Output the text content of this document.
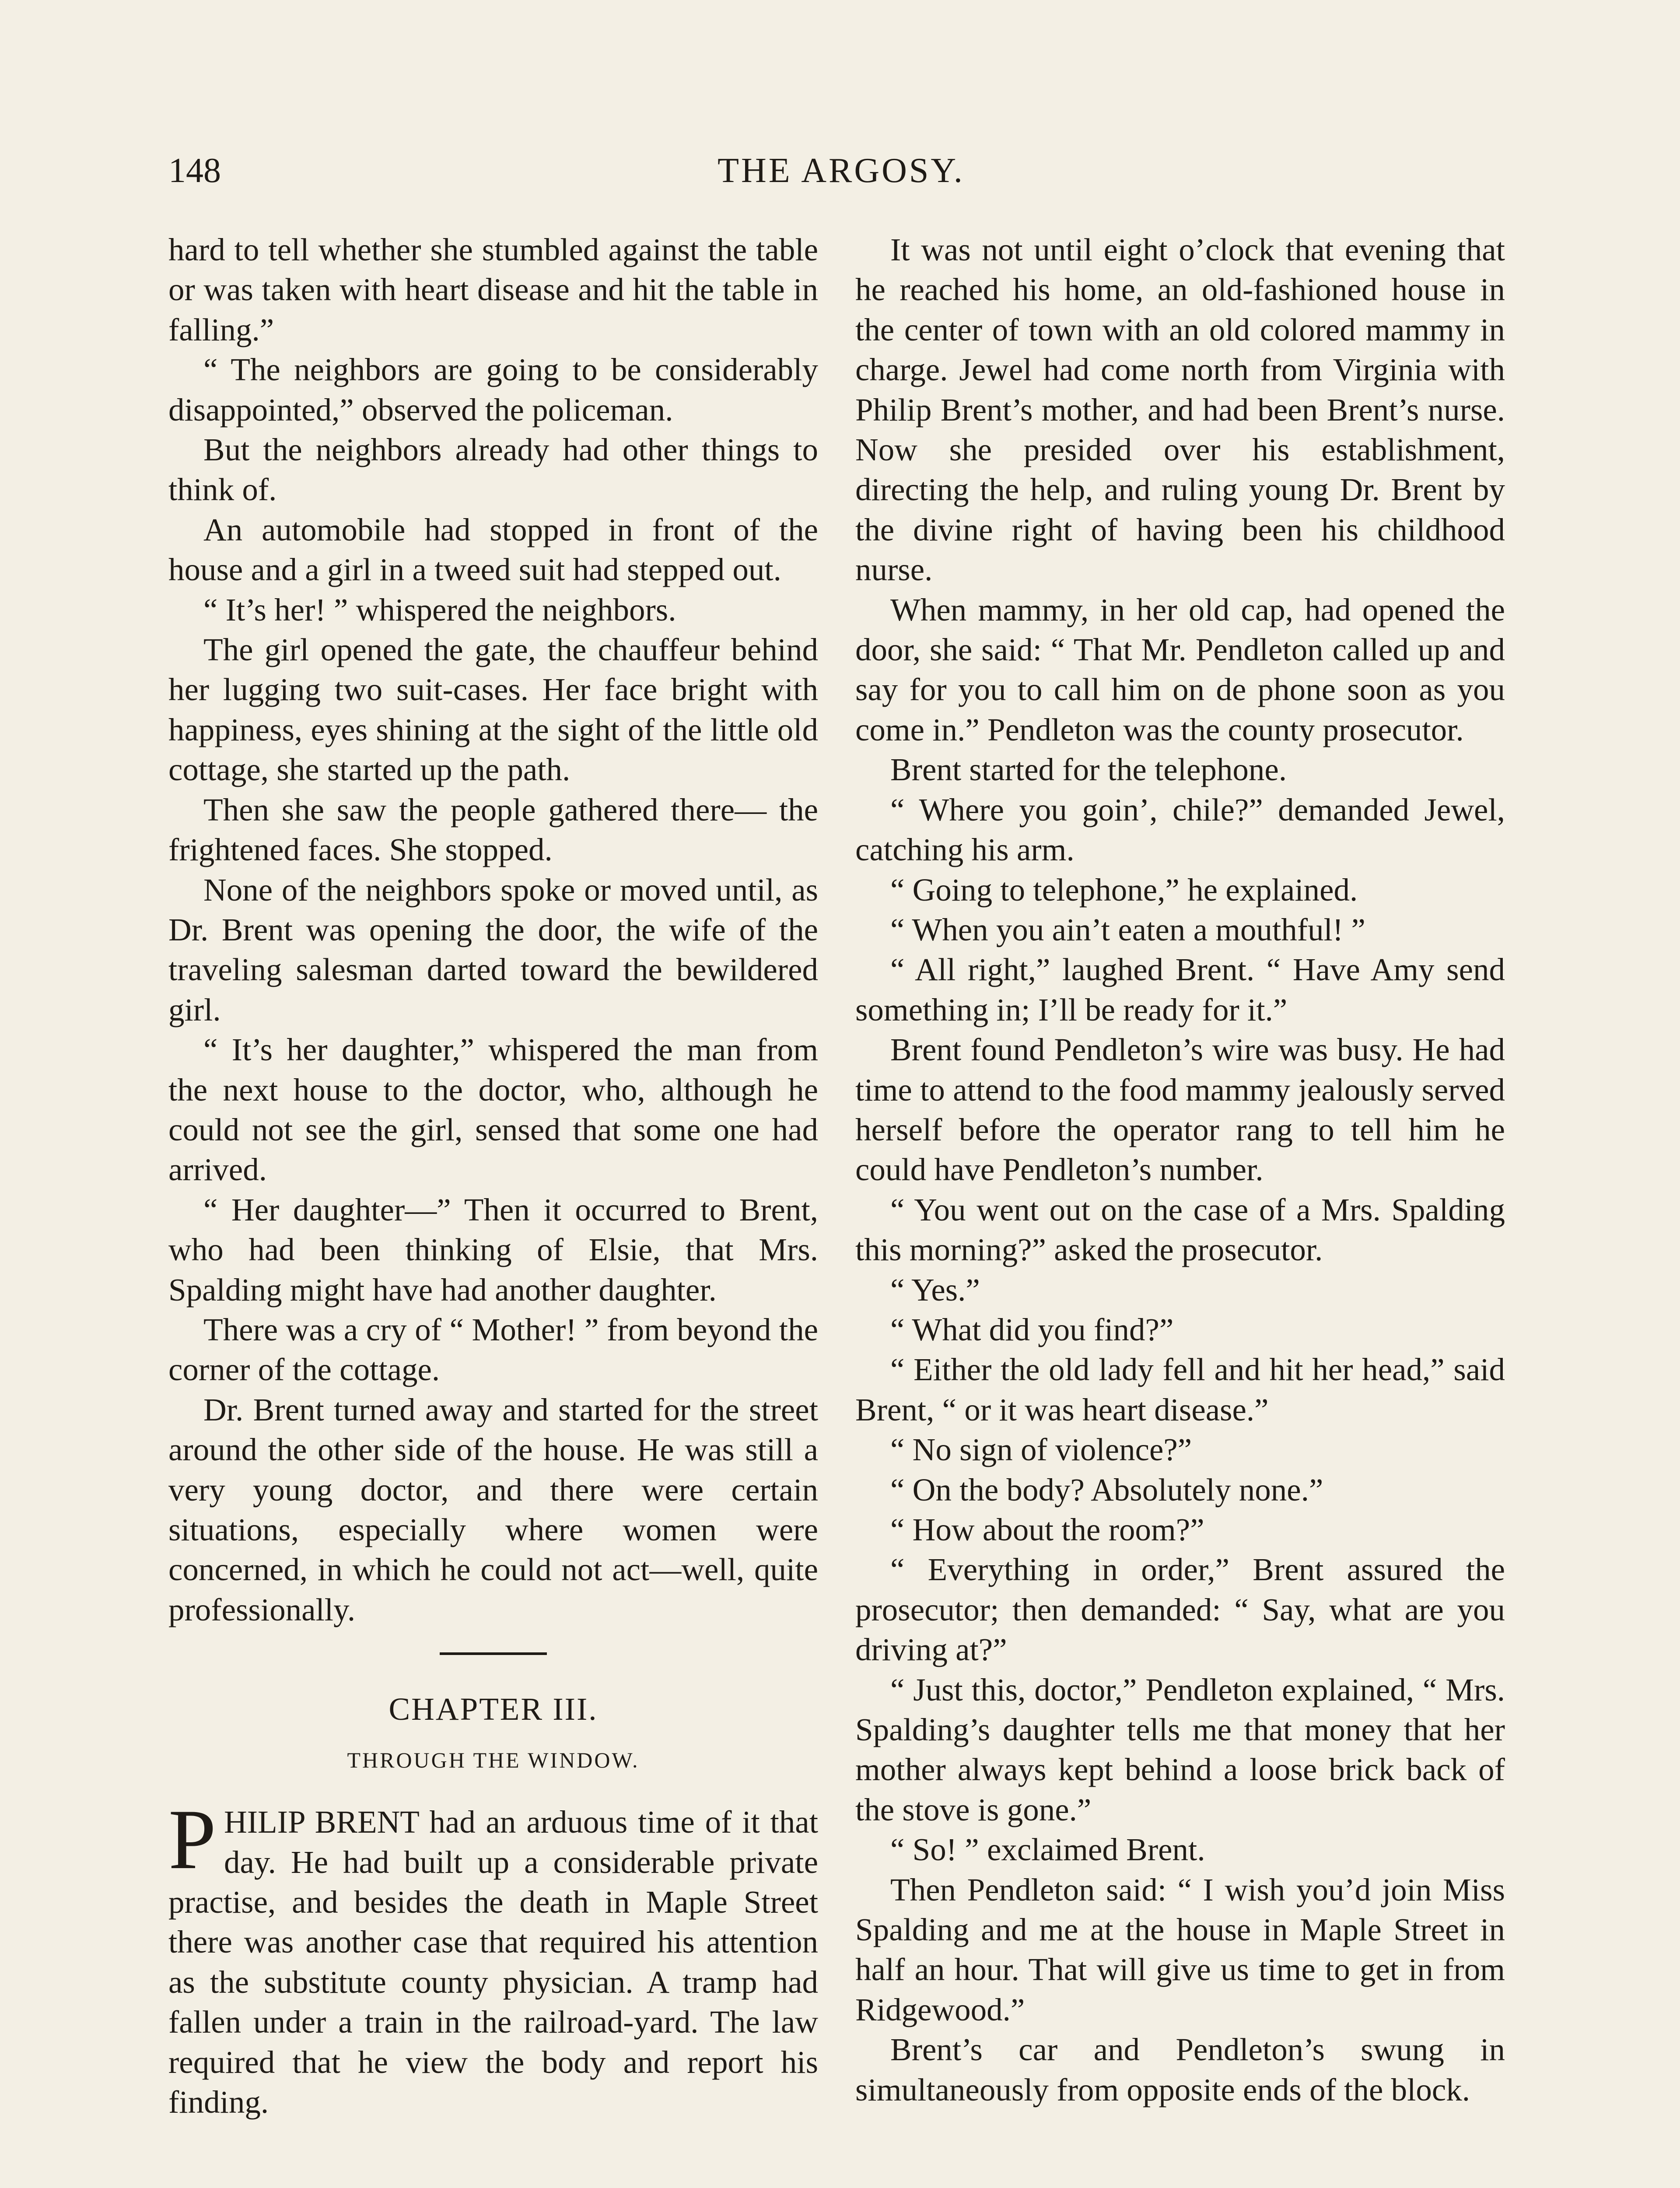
148	THE ARGOSY.

hard to tell whether she stumbled against the table or was taken with heart disease and hit the table in falling.”

“ The neighbors are going to be considerably disappointed,” observed the policeman.

But the neighbors already had other things to think of.

An automobile had stopped in front of the house and a girl in a tweed suit had stepped out.

“ It’s her! ” whispered the neighbors.

The girl opened the gate, the chauffeur behind her lugging two suit-cases. Her face bright with happiness, eyes shining at the sight of the little old cottage, she started up the path.

Then she saw the people gathered there— the frightened faces. She stopped.

None of the neighbors spoke or moved until, as Dr. Brent was opening the door, the wife of the traveling salesman darted toward the bewildered girl.

“ It’s her daughter,” whispered the man from the next house to the doctor, who, although he could not see the girl, sensed that some one had arrived.

“ Her daughter—” Then it occurred to Brent, who had been thinking of Elsie, that Mrs. Spalding might have had another daughter.

There was a cry of “ Mother! ” from beyond the corner of the cottage.

Dr. Brent turned away and started for the street around the other side of the house. He was still a very young doctor, and there were certain situations, especially where women were concerned, in which he could not act—well, quite professionally.

CHAPTER III.
THROUGH THE WINDOW.

PHILIP BRENT had an arduous time of it that day. He had built up a considerable private practise, and besides the death in Maple Street there was another case that required his attention as the substitute county physician. A tramp had fallen under a train in the railroad-yard. The law required that he view the body and report his finding.

It was not until eight o’clock that evening that he reached his home, an old-fashioned house in the center of town with an old colored mammy in charge. Jewel had come north from Virginia with Philip Brent’s mother, and had been Brent’s nurse. Now she presided over his establishment, directing the help, and ruling young Dr. Brent by the divine right of having been his childhood nurse.

When mammy, in her old cap, had opened the door, she said: “ That Mr. Pendleton called up and say for you to call him on de phone soon as you come in.” Pendleton was the county prosecutor.

Brent started for the telephone.

“ Where you goin’, chile?” demanded Jewel, catching his arm.

“ Going to telephone,” he explained.

“ When you ain’t eaten a mouthful! ”

“ All right,” laughed Brent. “ Have Amy send something in; I’ll be ready for it.”

Brent found Pendleton’s wire was busy. He had time to attend to the food mammy jealously served herself before the operator rang to tell him he could have Pendleton’s number.

“ You went out on the case of a Mrs. Spalding this morning?” asked the prosecutor.

“ Yes.”

“ What did you find?”

“ Either the old lady fell and hit her head,” said Brent, “ or it was heart disease.”

“ No sign of violence?”

“ On the body? Absolutely none.”

“ How about the room?”

“ Everything in order,” Brent assured the prosecutor; then demanded: “ Say, what are you driving at?”

“ Just this, doctor,” Pendleton explained, “ Mrs. Spalding’s daughter tells me that money that her mother always kept behind a loose brick back of the stove is gone.”

“ So! ” exclaimed Brent.

Then Pendleton said: “ I wish you’d join Miss Spalding and me at the house in Maple Street in half an hour. That will give us time to get in from Ridgewood.”

Brent’s car and Pendleton’s swung in simultaneously from opposite ends of the block.
